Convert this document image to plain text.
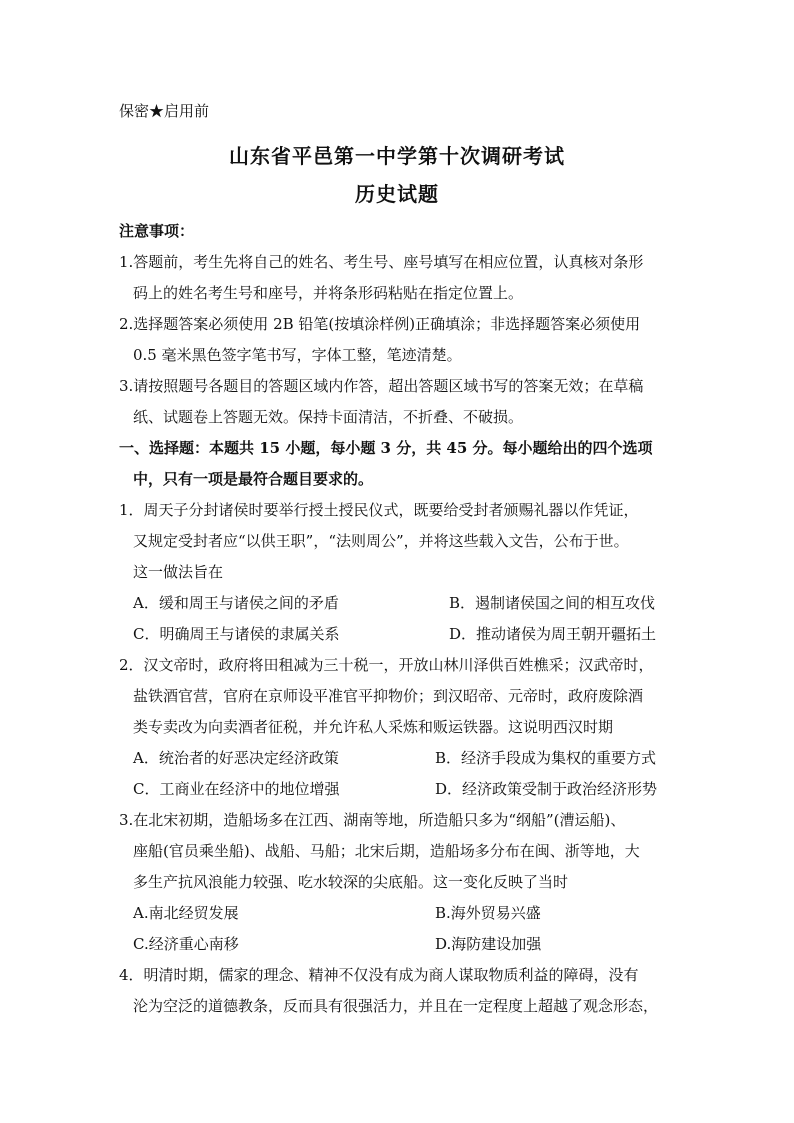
保密★启用前
山东省平邑第一中学第十次调研考试
历史试题
注意事项：
1.答题前，考生先将自己的姓名、考生号、座号填写在相应位置，认真核对条形
码上的姓名考生号和座号，并将条形码粘贴在指定位置上。
2.选择题答案必须使用 2B 铅笔(按填涂样例)正确填涂；非选择题答案必须使用
0.5 毫米黑色签字笔书写，字体工整，笔迹清楚。
3.请按照题号各题目的答题区域内作答，超出答题区域书写的答案无效；在草稿
纸、试题卷上答题无效。保持卡面清洁，不折叠、不破损。
一、选择题：本题共 15 小题，每小题 3 分，共 45 分。每小题给出的四个选项
中，只有一项是最符合题目要求的。
1．周天子分封诸侯时要举行授土授民仪式，既要给受封者颁赐礼器以作凭证，
又规定受封者应“以供王职”，“法则周公”，并将这些载入文告，公布于世。
这一做法旨在
A．缓和周王与诸侯之间的矛盾	B．遏制诸侯国之间的相互攻伐
C．明确周王与诸侯的隶属关系	D．推动诸侯为周王朝开疆拓土
2．汉文帝时，政府将田租减为三十税一，开放山林川泽供百姓樵采；汉武帝时，
盐铁酒官营，官府在京师设平准官平抑物价；到汉昭帝、元帝时，政府废除酒
类专卖改为向卖酒者征税，并允许私人采炼和贩运铁器。这说明西汉时期
A．统治者的好恶决定经济政策	B．经济手段成为集权的重要方式
C．工商业在经济中的地位增强	D．经济政策受制于政治经济形势
3.在北宋初期，造船场多在江西、湖南等地，所造船只多为“纲船”(漕运船)、
座船(官员乘坐船)、战船、马船；北宋后期，造船场多分布在闽、浙等地，大
多生产抗风浪能力较强、吃水较深的尖底船。这一变化反映了当时
A.南北经贸发展	B.海外贸易兴盛
C.经济重心南移	D.海防建设加强
4．明清时期，儒家的理念、精神不仅没有成为商人谋取物质利益的障碍，没有
沦为空泛的道德教条，反而具有很强活力，并且在一定程度上超越了观念形态，
